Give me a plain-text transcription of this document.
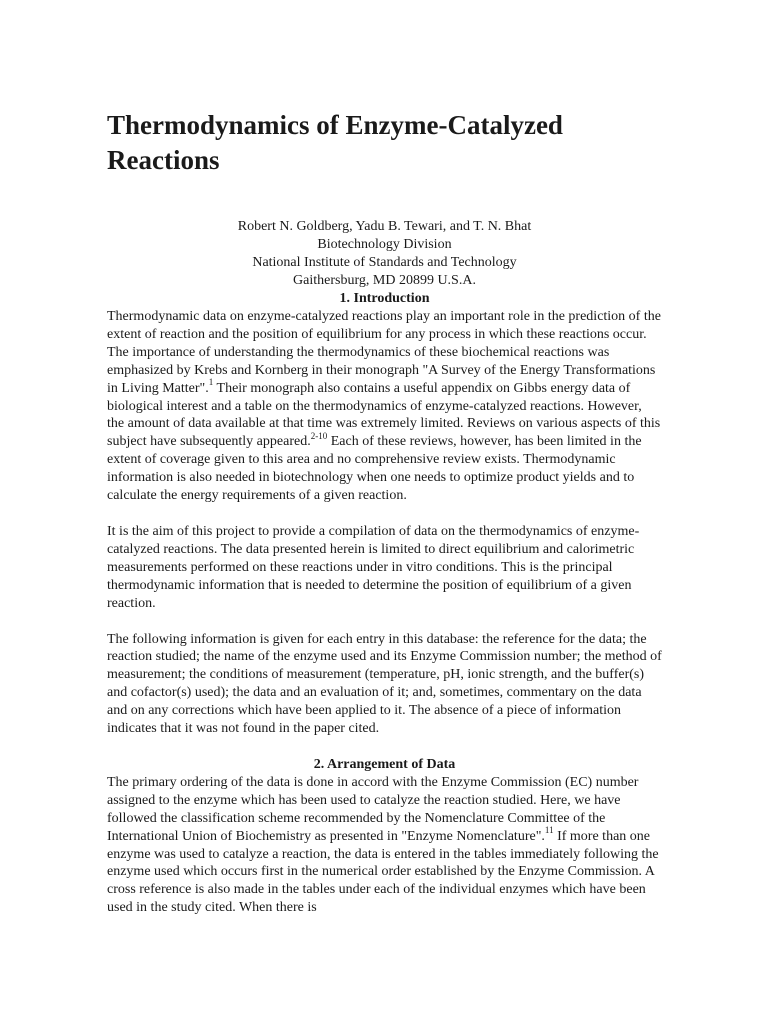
Thermodynamics of Enzyme-Catalyzed Reactions
Robert N. Goldberg, Yadu B. Tewari, and T. N. Bhat
Biotechnology Division
National Institute of Standards and Technology
Gaithersburg, MD 20899 U.S.A.
1. Introduction

Thermodynamic data on enzyme-catalyzed reactions play an important role in the prediction of the extent of reaction and the position of equilibrium for any process in which these reactions occur. The importance of understanding the thermodynamics of these biochemical reactions was emphasized by Krebs and Kornberg in their monograph "A Survey of the Energy Transformations in Living Matter".$^1$ Their monograph also contains a useful appendix on Gibbs energy data of biological interest and a table on the thermodynamics of enzyme-catalyzed reactions. However, the amount of data available at that time was extremely limited. Reviews on various aspects of this subject have subsequently appeared.$^{2-10}$ Each of these reviews, however, has been limited in the extent of coverage given to this area and no comprehensive review exists. Thermodynamic information is also needed in biotechnology when one needs to optimize product yields and to calculate the energy requirements of a given reaction.

It is the aim of this project to provide a compilation of data on the thermodynamics of enzyme-catalyzed reactions. The data presented herein is limited to direct equilibrium and calorimetric measurements performed on these reactions under in vitro conditions. This is the principal thermodynamic information that is needed to determine the position of equilibrium of a given reaction.

The following information is given for each entry in this database: the reference for the data; the reaction studied; the name of the enzyme used and its Enzyme Commission number; the method of measurement; the conditions of measurement (temperature, pH, ionic strength, and the buffer(s) and cofactor(s) used); the data and an evaluation of it; and, sometimes, commentary on the data and on any corrections which have been applied to it. The absence of a piece of information indicates that it was not found in the paper cited.

2. Arrangement of Data

The primary ordering of the data is done in accord with the Enzyme Commission (EC) number assigned to the enzyme which has been used to catalyze the reaction studied. Here, we have followed the classification scheme recommended by the Nomenclature Committee of the International Union of Biochemistry as presented in "Enzyme Nomenclature".$^{11}$ If more than one enzyme was used to catalyze a reaction, the data is entered in the tables immediately following the enzyme used which occurs first in the numerical order established by the Enzyme Commission. A cross reference is also made in the tables under each of the individual enzymes which have been used in the study cited. When there is
